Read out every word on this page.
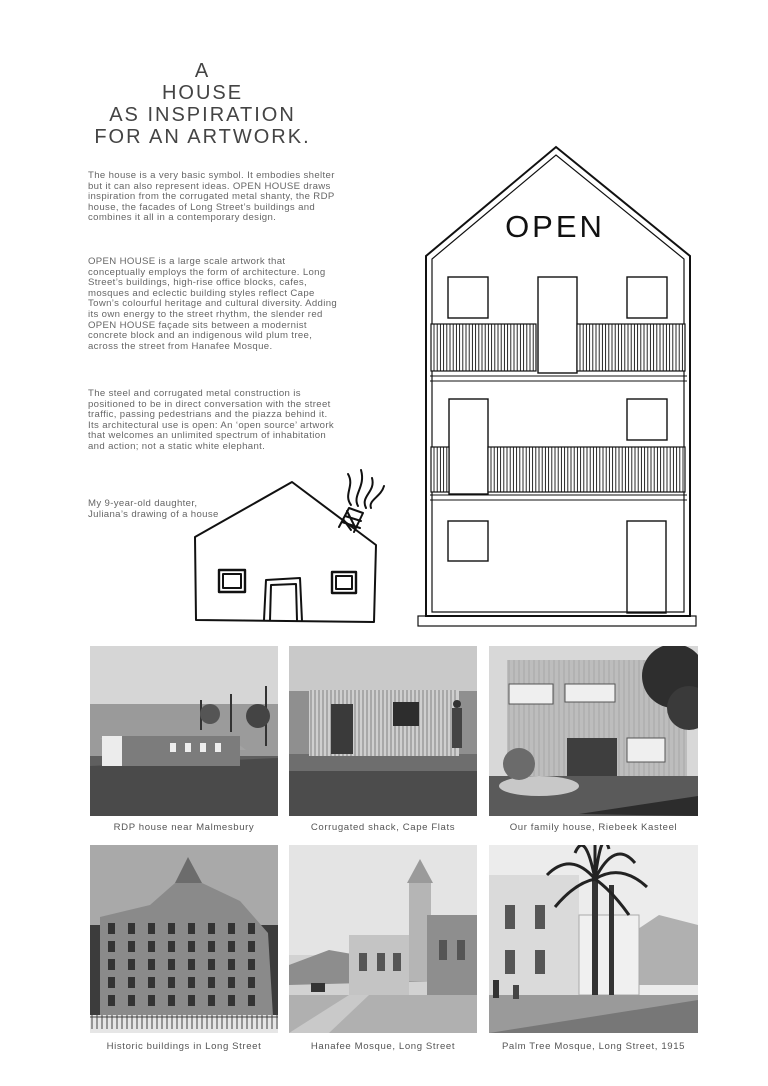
A
HOUSE
AS INSPIRATION
FOR AN ARTWORK.

The house is a very basic symbol. It embodies shelter but it can also represent ideas. OPEN HOUSE draws inspiration from the corrugated metal shanty, the RDP house, the facades of Long Street’s buildings and combines it all in a contemporary design.

OPEN HOUSE is a large scale artwork that conceptually employs the form of architecture. Long Street’s buildings, high-rise office blocks, cafes, mosques and eclectic building styles reflect Cape Town’s colourful heritage and cultural diversity. Adding its own energy to the street rhythm, the slender red OPEN HOUSE façade sits between a modernist concrete block and an indigenous wild plum tree, across the street from Hanafee Mosque.

The steel and corrugated metal construction is positioned to be in direct conversation with the street traffic, passing pedestrians and the piazza behind it. Its architectural use is open: An ‘open source’ artwork that welcomes an unlimited spectrum of inhabitation and action; not a static white elephant.

My 9-year-old daughter, Juliana’s drawing of a house
OPEN
RDP house near Malmesbury	Corrugated shack, Cape Flats	Our family house, Riebeek Kasteel
Historic buildings in Long Street	Hanafee Mosque, Long Street	Palm Tree Mosque, Long Street, 1915
